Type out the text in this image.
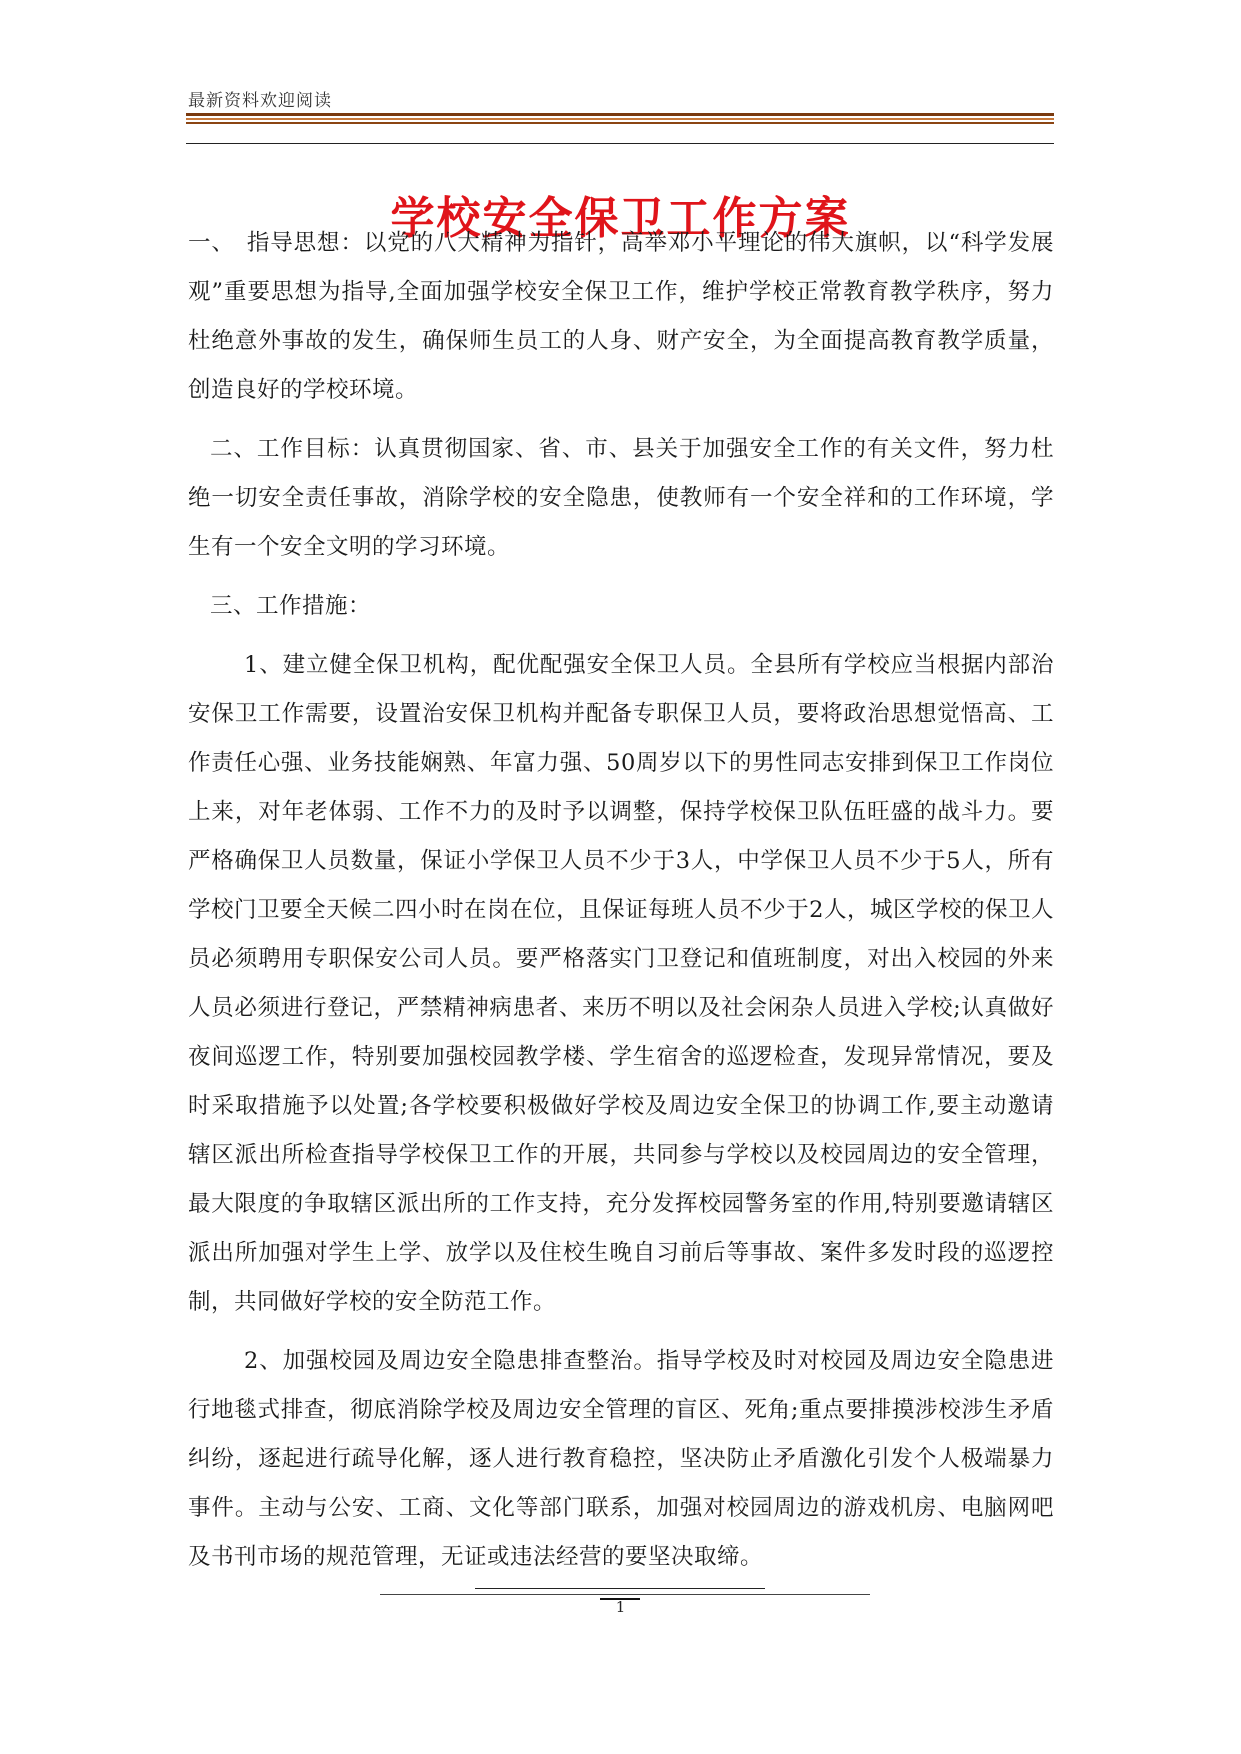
最新资料欢迎阅读
学校安全保卫工作方案

一、　指导思想：以党的八大精神为指针，高举邓小平理论的伟大旗帜，以“科学发展观”重要思想为指导,全面加强学校安全保卫工作，维护学校正常教育教学秩序，努力杜绝意外事故的发生，确保师生员工的人身、财产安全，为全面提高教育教学质量，创造良好的学校环境。

二、工作目标：认真贯彻国家、省、市、县关于加强安全工作的有关文件，努力杜绝一切安全责任事故，消除学校的安全隐患，使教师有一个安全祥和的工作环境，学生有一个安全文明的学习环境。

三、工作措施：

1、建立健全保卫机构，配优配强安全保卫人员。全县所有学校应当根据内部治安保卫工作需要，设置治安保卫机构并配备专职保卫人员，要将政治思想觉悟高、工作责任心强、业务技能娴熟、年富力强、50周岁以下的男性同志安排到保卫工作岗位上来，对年老体弱、工作不力的及时予以调整，保持学校保卫队伍旺盛的战斗力。要严格确保卫人员数量，保证小学保卫人员不少于3人，中学保卫人员不少于5人，所有学校门卫要全天候二四小时在岗在位，且保证每班人员不少于2人，城区学校的保卫人员必须聘用专职保安公司人员。要严格落实门卫登记和值班制度，对出入校园的外来人员必须进行登记，严禁精神病患者、来历不明以及社会闲杂人员进入学校;认真做好夜间巡逻工作，特别要加强校园教学楼、学生宿舍的巡逻检查，发现异常情况，要及时采取措施予以处置;各学校要积极做好学校及周边安全保卫的协调工作,要主动邀请辖区派出所检查指导学校保卫工作的开展，共同参与学校以及校园周边的安全管理，最大限度的争取辖区派出所的工作支持，充分发挥校园警务室的作用,特别要邀请辖区派出所加强对学生上学、放学以及住校生晚自习前后等事故、案件多发时段的巡逻控制，共同做好学校的安全防范工作。

2、加强校园及周边安全隐患排查整治。指导学校及时对校园及周边安全隐患进行地毯式排查，彻底消除学校及周边安全管理的盲区、死角;重点要排摸涉校涉生矛盾纠纷，逐起进行疏导化解，逐人进行教育稳控，坚决防止矛盾激化引发个人极端暴力事件。主动与公安、工商、文化等部门联系，加强对校园周边的游戏机房、电脑网吧及书刊市场的规范管理，无证或违法经营的要坚决取缔。

1
